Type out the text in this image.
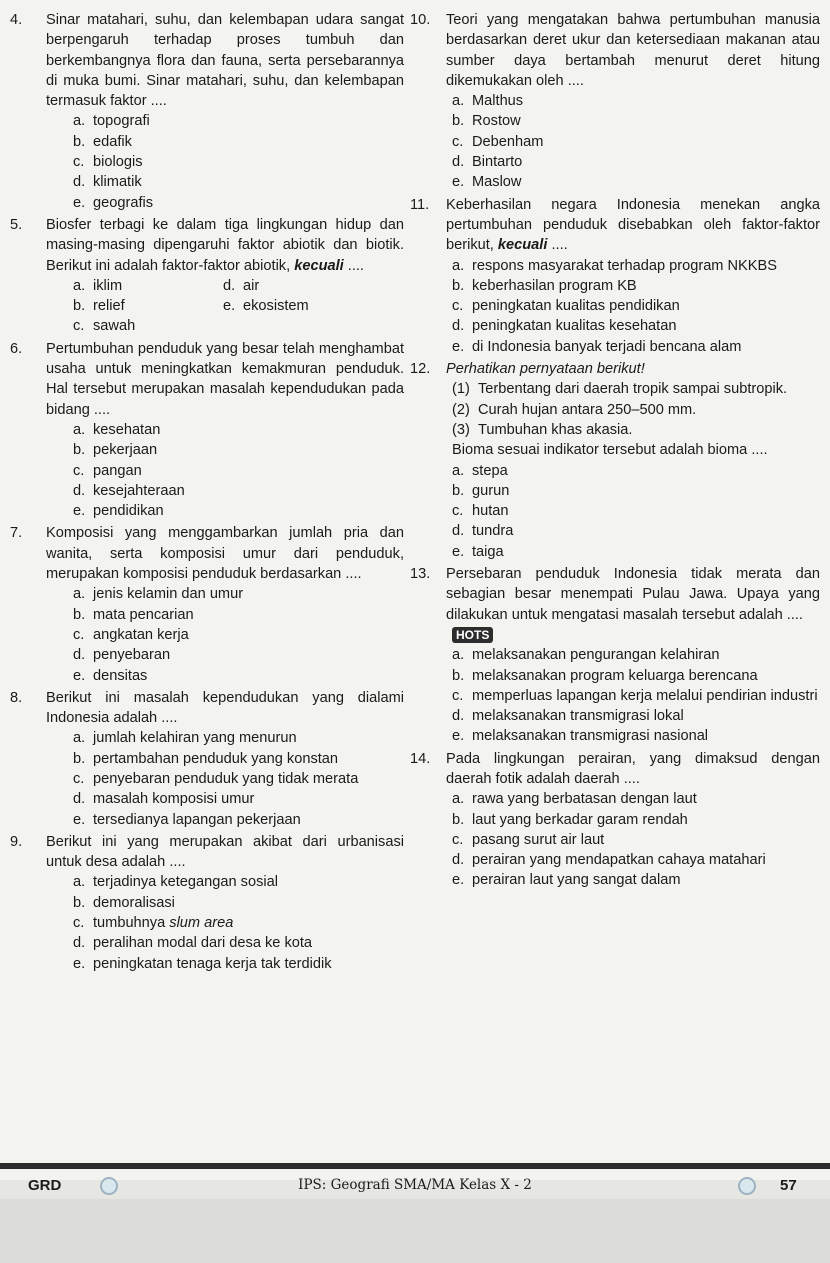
4.	Sinar matahari, suhu, dan kelembapan udara sangat berpengaruh terhadap proses tumbuh dan berkembangnya flora dan fauna, serta persebarannya di muka bumi. Sinar matahari, suhu, dan kelembapan termasuk faktor ....
a. topografi
b. edafik
c. biologis
d. klimatik
e. geografis
5.	Biosfer terbagi ke dalam tiga lingkungan hidup dan masing-masing dipengaruhi faktor abiotik dan biotik. Berikut ini adalah faktor-faktor abiotik, kecuali ....
a. iklim	d. air
b. relief	e. ekosistem
c. sawah
6.	Pertumbuhan penduduk yang besar telah menghambat usaha untuk meningkatkan kemakmuran penduduk. Hal tersebut merupakan masalah kependudukan pada bidang ....
a. kesehatan
b. pekerjaan
c. pangan
d. kesejahteraan
e. pendidikan
7.	Komposisi yang menggambarkan jumlah pria dan wanita, serta komposisi umur dari penduduk, merupakan komposisi penduduk berdasarkan ....
a. jenis kelamin dan umur
b. mata pencarian
c. angkatan kerja
d. penyebaran
e. densitas
8.	Berikut ini masalah kependudukan yang dialami Indonesia adalah ....
a. jumlah kelahiran yang menurun
b. pertambahan penduduk yang konstan
c. penyebaran penduduk yang tidak merata
d. masalah komposisi umur
e. tersedianya lapangan pekerjaan
9.	Berikut ini yang merupakan akibat dari urbanisasi untuk desa adalah ....
a. terjadinya ketegangan sosial
b. demoralisasi
c. tumbuhnya slum area
d. peralihan modal dari desa ke kota
e. peningkatan tenaga kerja tak terdidik
10.	Teori yang mengatakan bahwa pertumbuhan manusia berdasarkan deret ukur dan ketersediaan makanan atau sumber daya bertambah menurut deret hitung dikemukakan oleh ....
a. Malthus
b. Rostow
c. Debenham
d. Bintarto
e. Maslow
11.	Keberhasilan negara Indonesia menekan angka pertumbuhan penduduk disebabkan oleh faktor-faktor berikut, kecuali ....
a. respons masyarakat terhadap program NKKBS
b. keberhasilan program KB
c. peningkatan kualitas pendidikan
d. peningkatan kualitas kesehatan
e. di Indonesia banyak terjadi bencana alam
12.	Perhatikan pernyataan berikut!
(1) Terbentang dari daerah tropik sampai subtropik.
(2) Curah hujan antara 250–500 mm.
(3) Tumbuhan khas akasia.
Bioma sesuai indikator tersebut adalah bioma ....
a. stepa
b. gurun
c. hutan
d. tundra
e. taiga
13.	Persebaran penduduk Indonesia tidak merata dan sebagian besar menempati Pulau Jawa. Upaya yang dilakukan untuk mengatasi masalah tersebut adalah ....
HOTS
a. melaksanakan pengurangan kelahiran
b. melaksanakan program keluarga berencana
c. memperluas lapangan kerja melalui pendirian industri
d. melaksanakan transmigrasi lokal
e. melaksanakan transmigrasi nasional
14.	Pada lingkungan perairan, yang dimaksud dengan daerah fotik adalah daerah ....
a. rawa yang berbatasan dengan laut
b. laut yang berkadar garam rendah
c. pasang surut air laut
d. perairan yang mendapatkan cahaya matahari
e. perairan laut yang sangat dalam
GRD	IPS: Geografi SMA/MA Kelas X - 2	57
